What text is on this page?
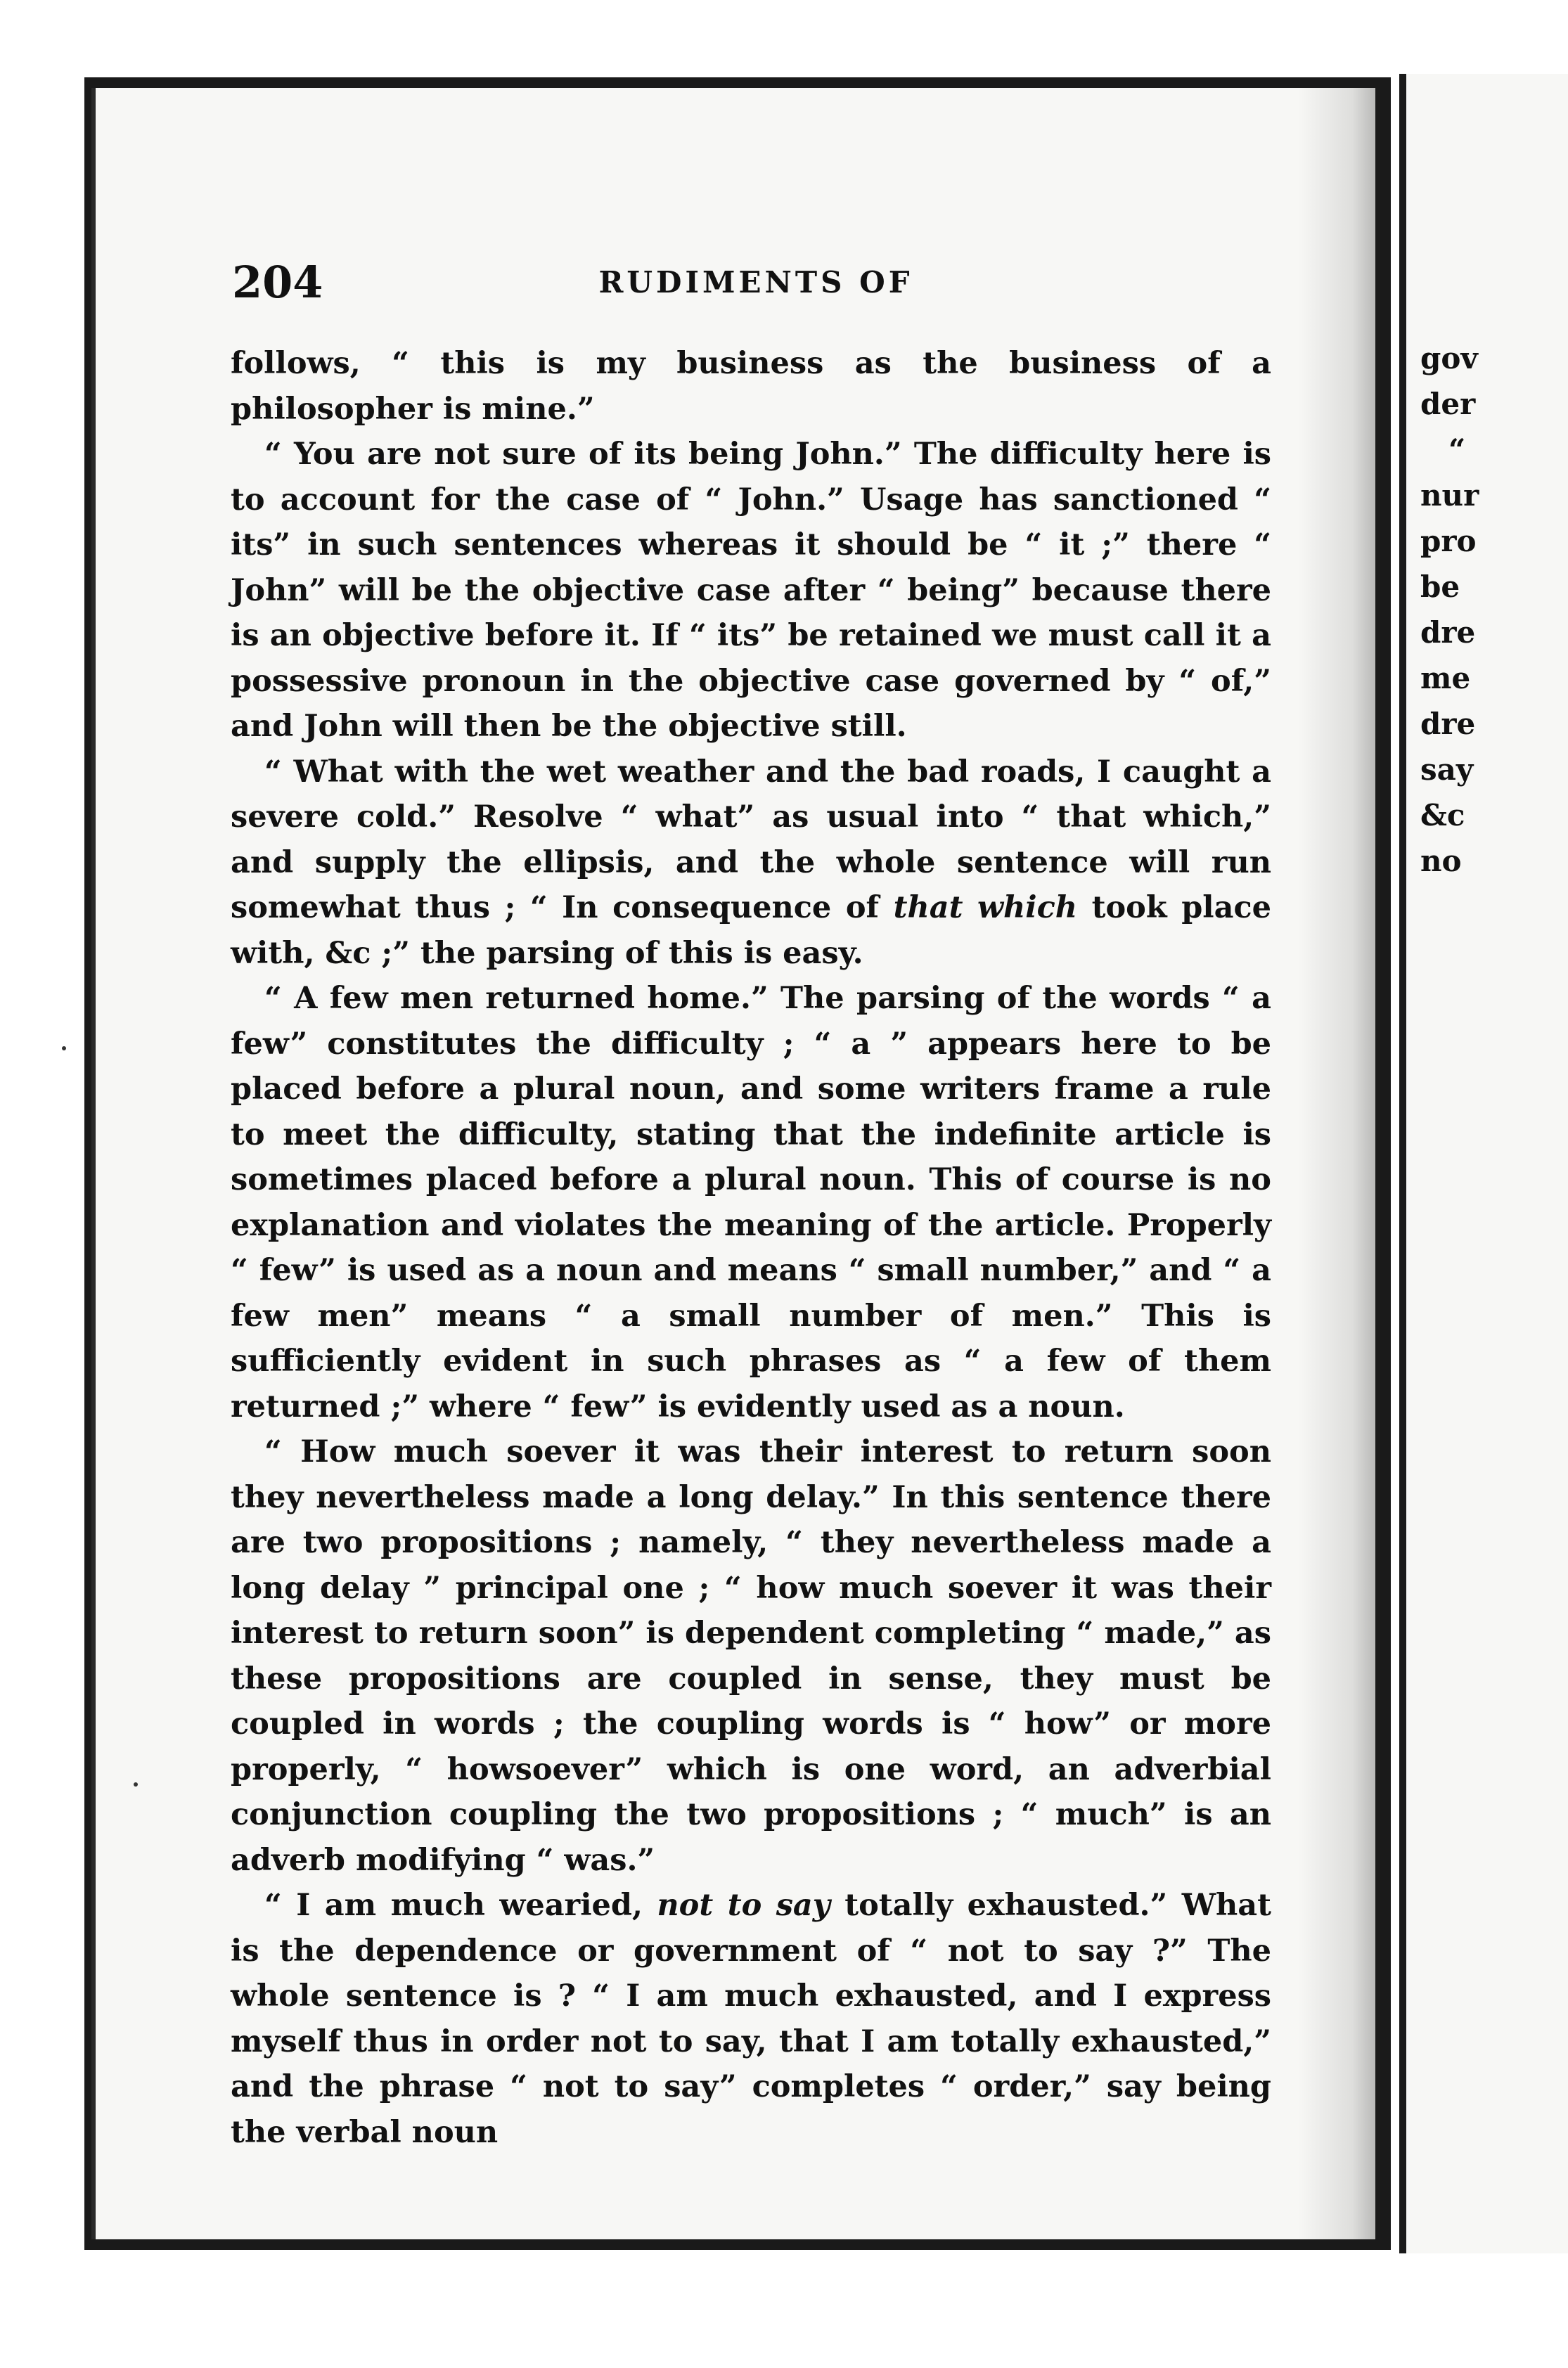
gov
der
“
nur
pro
be
dre
me
dre
say
&c
no
204	RUDIMENTS OF

follows, “ this is my business as the business of a philosopher is mine.”

“ You are not sure of its being John.” The difficulty here is to account for the case of “ John.” Usage has sanctioned “ its” in such sentences whereas it should be “ it ;” there “ John” will be the objective case after “ being” because there is an objective before it. If “ its” be retained we must call it a possessive pronoun in the objective case governed by “ of,” and John will then be the objective still.

“ What with the wet weather and the bad roads, I caught a severe cold.” Resolve “ what” as usual into “ that which,” and supply the ellipsis, and the whole sentence will run somewhat thus ; “ In consequence of that which took place with, &c ;” the parsing of this is easy.

“ A few men returned home.” The parsing of the words “ a few” constitutes the difficulty ; “ a ” appears here to be placed before a plural noun, and some writers frame a rule to meet the difficulty, stating that the indefinite article is sometimes placed before a plural noun. This of course is no explanation and violates the meaning of the article. Properly “ few” is used as a noun and means “ small number,” and “ a few men” means “ a small number of men.” This is sufficiently evident in such phrases as “ a few of them returned ;” where “ few” is evidently used as a noun.

“ How much soever it was their interest to return soon they nevertheless made a long delay.” In this sentence there are two propositions ; namely, “ they nevertheless made a long delay ” principal one ; “ how much soever it was their interest to return soon” is dependent completing “ made,” as these propositions are coupled in sense, they must be coupled in words ; the coupling words is “ how” or more properly, “ howsoever” which is one word, an adverbial conjunction coupling the two propositions ; “ much” is an adverb modifying “ was.”

“ I am much wearied, not to say totally exhausted.” What is the dependence or government of “ not to say ?” The whole sentence is ? “ I am much exhausted, and I express myself thus in order not to say, that I am totally exhausted,” and the phrase “ not to say” completes “ order,” say being the verbal noun
